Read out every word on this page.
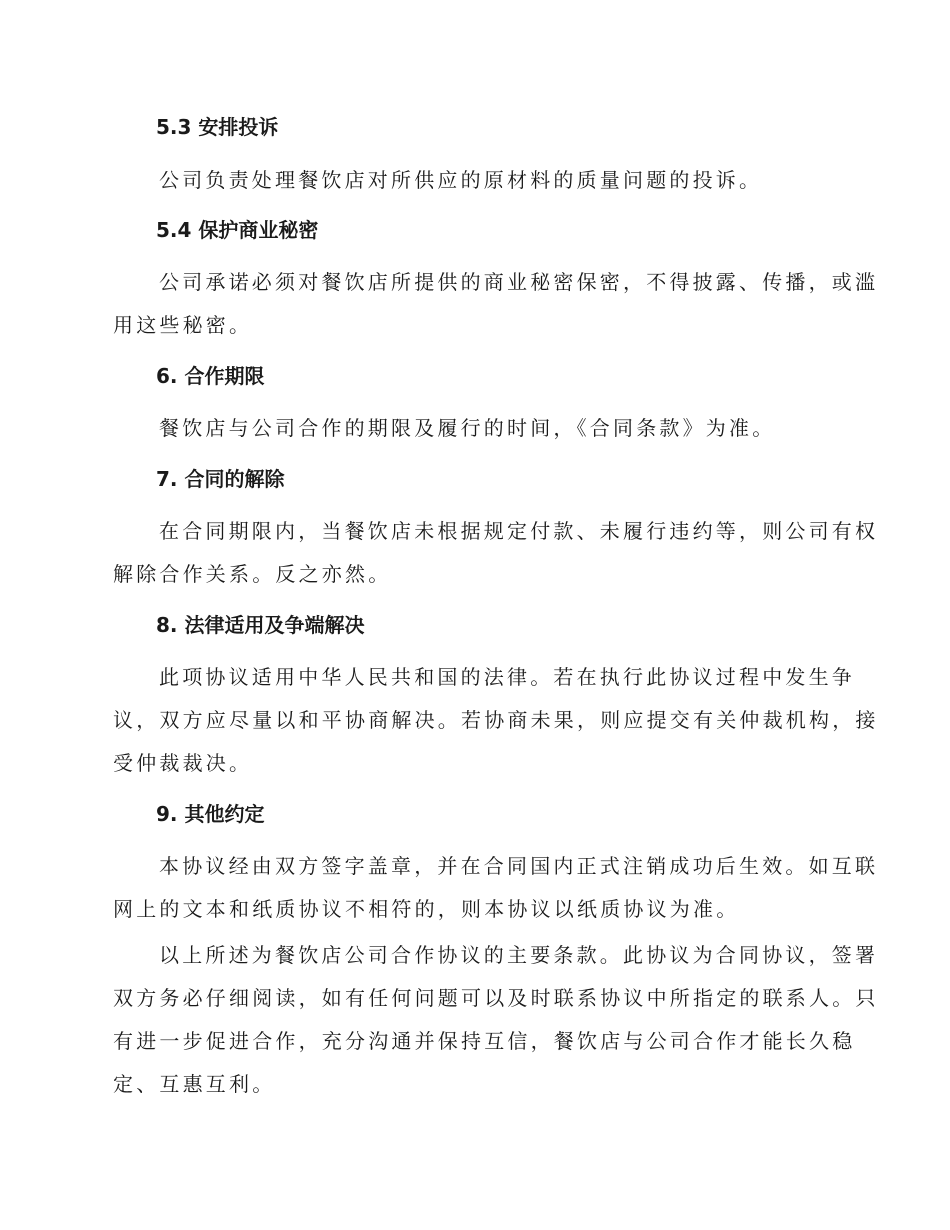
5.3 安排投诉
公司负责处理餐饮店对所供应的原材料的质量问题的投诉。
5.4 保护商业秘密
公司承诺必须对餐饮店所提供的商业秘密保密，不得披露、传播，或滥
用这些秘密。
6. 合作期限
餐饮店与公司合作的期限及履行的时间，《合同条款》为准。
7. 合同的解除
在合同期限内，当餐饮店未根据规定付款、未履行违约等，则公司有权
解除合作关系。反之亦然。
8. 法律适用及争端解决
此项协议适用中华人民共和国的法律。若在执行此协议过程中发生争
议，双方应尽量以和平协商解决。若协商未果，则应提交有关仲裁机构，接
受仲裁裁决。
9. 其他约定
本协议经由双方签字盖章，并在合同国内正式注销成功后生效。如互联
网上的文本和纸质协议不相符的，则本协议以纸质协议为准。
以上所述为餐饮店公司合作协议的主要条款。此协议为合同协议，签署
双方务必仔细阅读，如有任何问题可以及时联系协议中所指定的联系人。只
有进一步促进合作，充分沟通并保持互信，餐饮店与公司合作才能长久稳
定、互惠互利。
